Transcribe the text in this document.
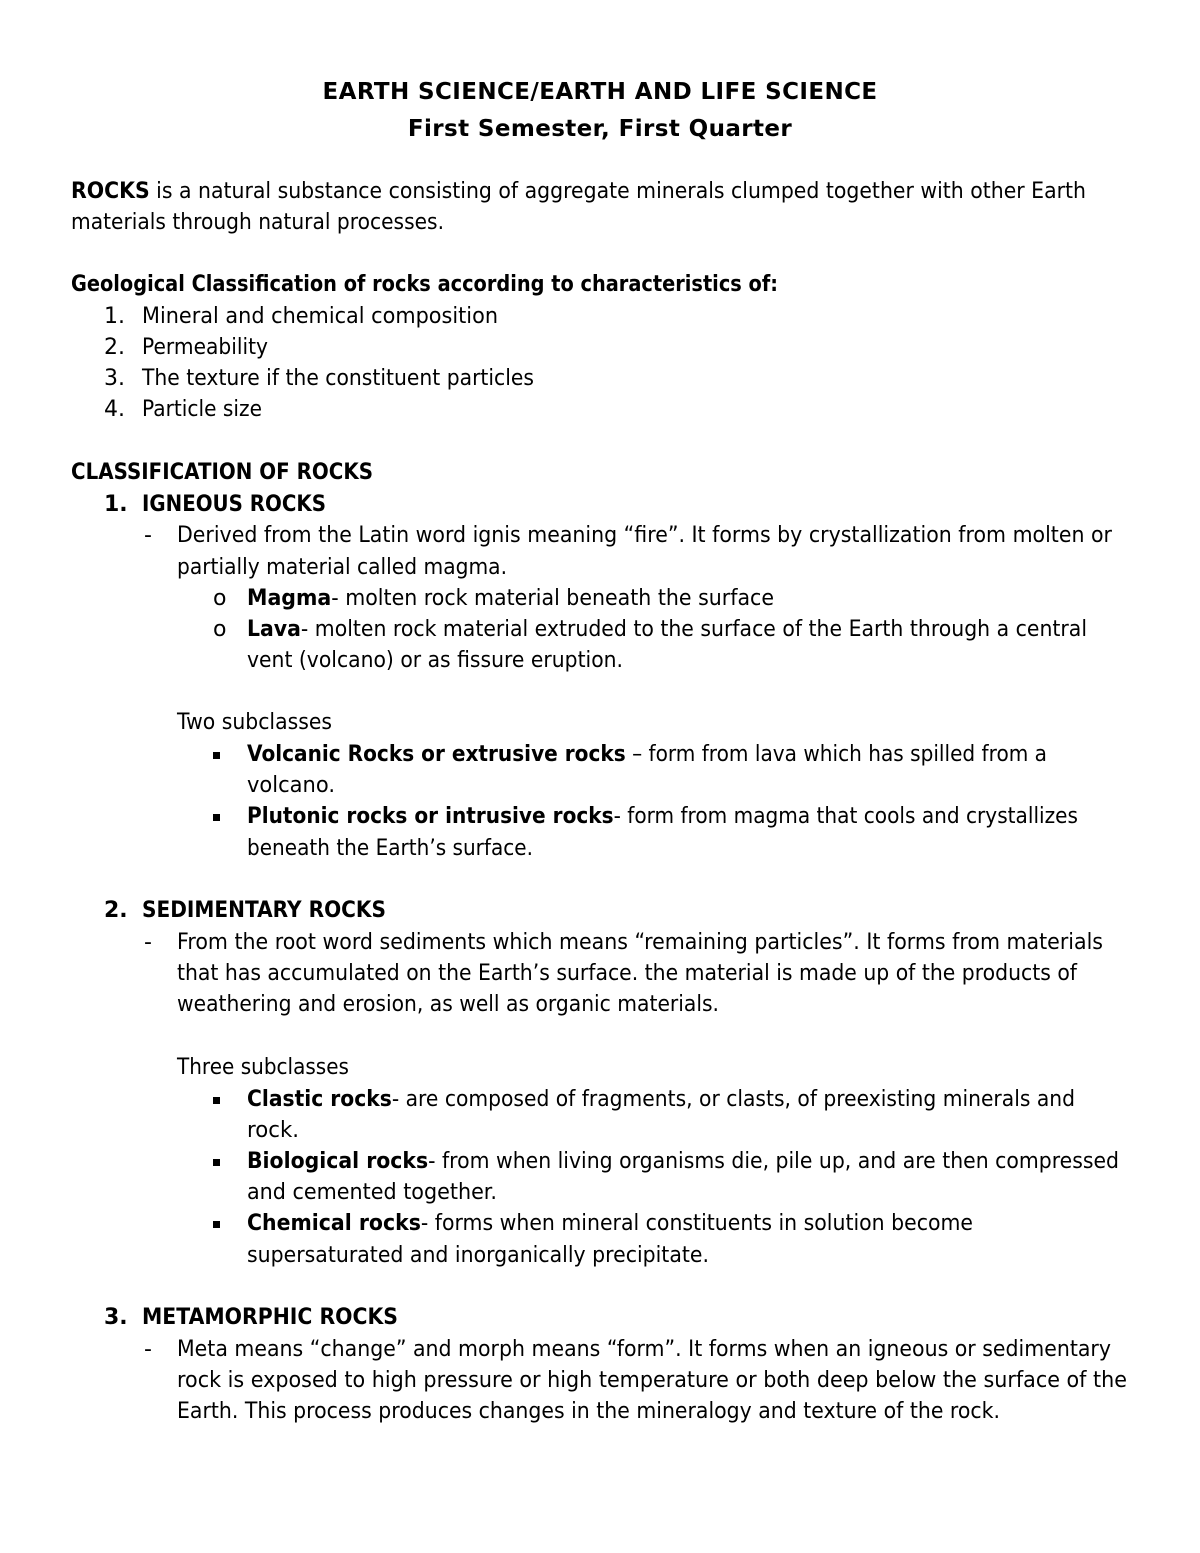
EARTH SCIENCE/EARTH AND LIFE SCIENCE
First Semester, First Quarter
ROCKS is a natural substance consisting of aggregate minerals clumped together with other Earth
materials through natural processes.
Geological Classification of rocks according to characteristics of:
1. Mineral and chemical composition
2. Permeability
3. The texture if the constituent particles
4. Particle size
CLASSIFICATION OF ROCKS
1. IGNEOUS ROCKS
- Derived from the Latin word ignis meaning “fire”. It forms by crystallization from molten or
partially material called magma.
o Magma- molten rock material beneath the surface
o Lava- molten rock material extruded to the surface of the Earth through a central
vent (volcano) or as fissure eruption.
Two subclasses
Volcanic Rocks or extrusive rocks – form from lava which has spilled from a
volcano.
Plutonic rocks or intrusive rocks- form from magma that cools and crystallizes
beneath the Earth’s surface.
2. SEDIMENTARY ROCKS
- From the root word sediments which means “remaining particles”. It forms from materials
that has accumulated on the Earth’s surface. the material is made up of the products of
weathering and erosion, as well as organic materials.
Three subclasses
Clastic rocks- are composed of fragments, or clasts, of preexisting minerals and
rock.
Biological rocks- from when living organisms die, pile up, and are then compressed
and cemented together.
Chemical rocks- forms when mineral constituents in solution become
supersaturated and inorganically precipitate.
3. METAMORPHIC ROCKS
- Meta means “change” and morph means “form”. It forms when an igneous or sedimentary
rock is exposed to high pressure or high temperature or both deep below the surface of the
Earth. This process produces changes in the mineralogy and texture of the rock.
